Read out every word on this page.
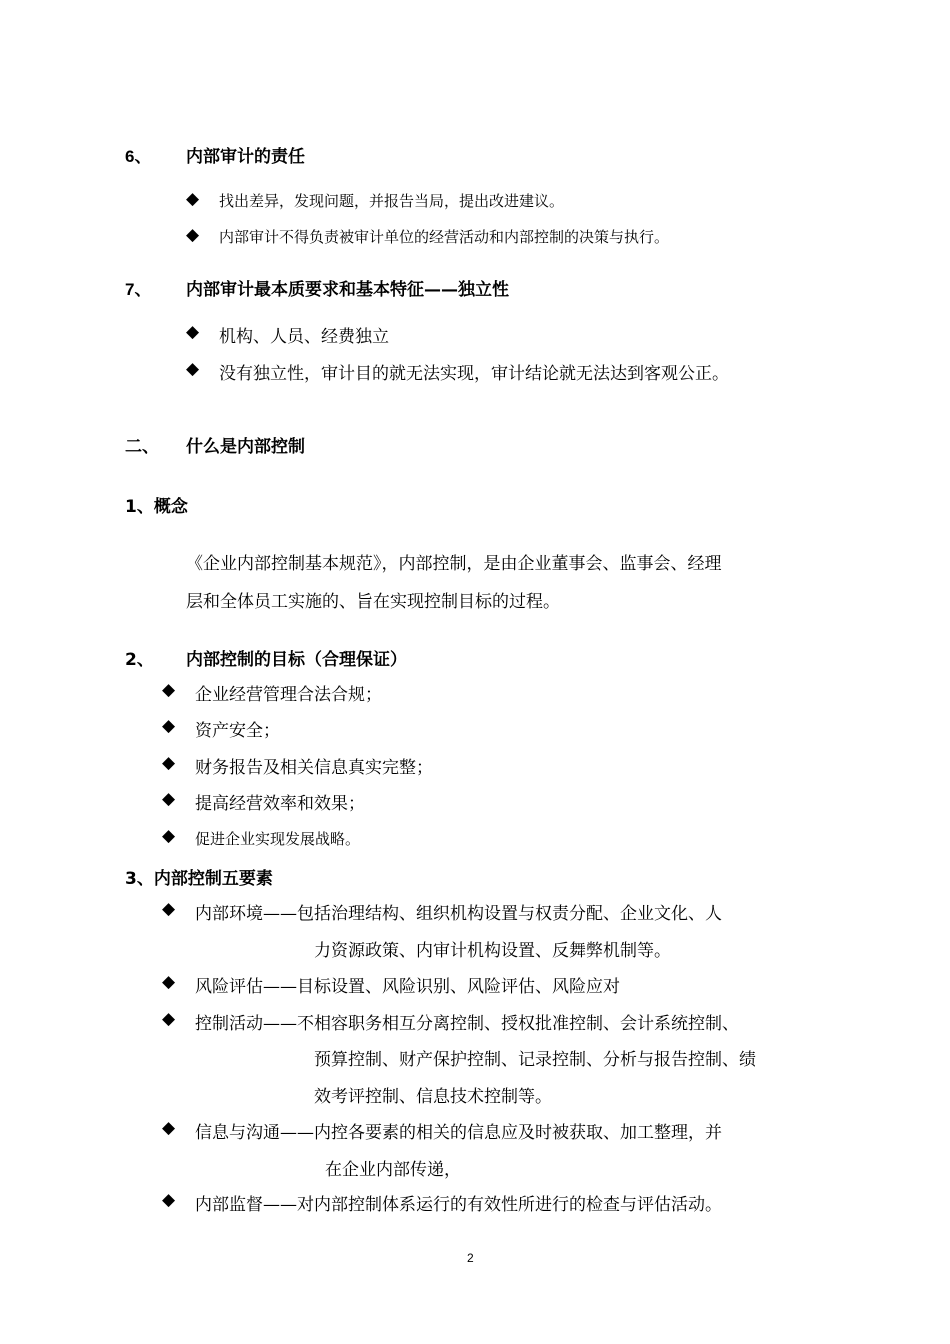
6、 内部审计的责任
◆ 找出差异，发现问题，并报告当局，提出改进建议。
◆ 内部审计不得负责被审计单位的经营活动和内部控制的决策与执行。
7、 内部审计最本质要求和基本特征——独立性
◆ 机构、人员、经费独立
◆ 没有独立性，审计目的就无法实现，审计结论就无法达到客观公正。
二、 什么是内部控制
1、概念
《企业内部控制基本规范》，内部控制，是由企业董事会、监事会、经理
层和全体员工实施的、旨在实现控制目标的过程。
2、 内部控制的目标（合理保证）
◆ 企业经营管理合法合规；
◆ 资产安全；
◆ 财务报告及相关信息真实完整；
◆ 提高经营效率和效果；
◆ 促进企业实现发展战略。
3、内部控制五要素
◆ 内部环境——包括治理结构、组织机构设置与权责分配、企业文化、人
力资源政策、内审计机构设置、反舞弊机制等。
◆ 风险评估——目标设置、风险识别、风险评估、风险应对
◆ 控制活动——不相容职务相互分离控制、授权批准控制、会计系统控制、
预算控制、财产保护控制、记录控制、分析与报告控制、绩
效考评控制、信息技术控制等。
◆ 信息与沟通——内控各要素的相关的信息应及时被获取、加工整理，并
在企业内部传递，
◆ 内部监督——对内部控制体系运行的有效性所进行的检查与评估活动。
2
